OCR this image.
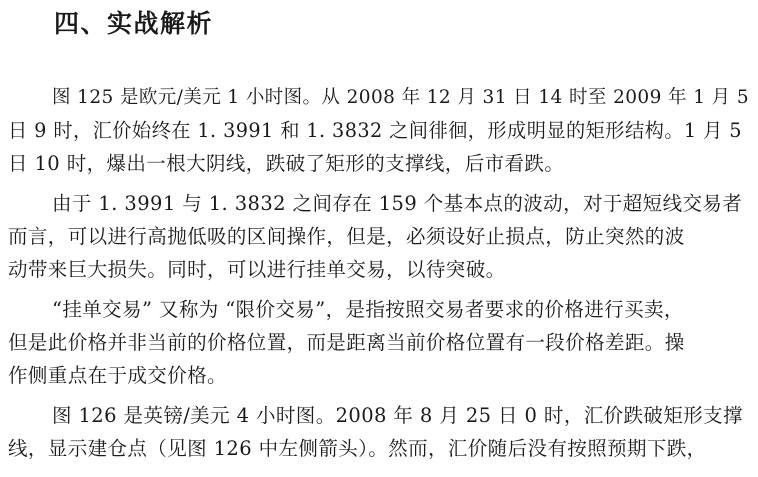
四、实战解析
图 125 是欧元/美元 1 小时图。从 2008 年 12 月 31 日 14 时至 2009 年 1 月 5
日 9 时，汇价始终在 1. 3991 和 1. 3832 之间徘徊，形成明显的矩形结构。1 月 5
日 10 时，爆出一根大阴线，跌破了矩形的支撑线，后市看跌。
由于 1. 3991 与 1. 3832 之间存在 159 个基本点的波动，对于超短线交易者
而言，可以进行高抛低吸的区间操作，但是，必须设好止损点，防止突然的波
动带来巨大损失。同时，可以进行挂单交易，以待突破。
“挂单交易” 又称为 “限价交易”，是指按照交易者要求的价格进行买卖，
但是此价格并非当前的价格位置，而是距离当前价格位置有一段价格差距。操
作侧重点在于成交价格。
图 126 是英镑/美元 4 小时图。2008 年 8 月 25 日 0 时，汇价跌破矩形支撑
线，显示建仓点（见图 126 中左侧箭头）。然而，汇价随后没有按照预期下跌，
